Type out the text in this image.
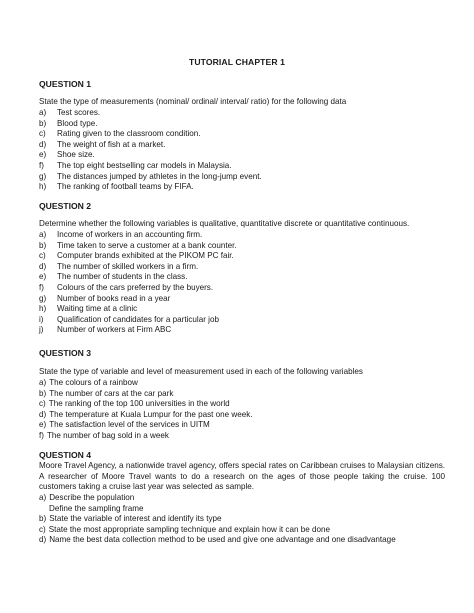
TUTORIAL CHAPTER 1
QUESTION 1
State the type of measurements (nominal/ ordinal/ interval/ ratio) for the following data
a)	Test scores.
b)	Blood type.
c)	Rating given to the classroom condition.
d)	The weight of fish at a market.
e)	Shoe size.
f)	The top eight bestselling car models in Malaysia.
g)	The distances jumped by athletes in the long-jump event.
h)	The ranking of football teams by FIFA.
QUESTION 2
Determine whether the following variables is qualitative, quantitative discrete or quantitative continuous.
a)	Income of workers in an accounting firm.
b)	Time taken to serve a customer at a bank counter.
c)	Computer brands exhibited at the PIKOM PC fair.
d)	The number of skilled workers in a firm.
e)	The number of students in the class.
f)	Colours of the cars preferred by the buyers.
g)	Number of books read in a year
h)	Waiting time at a clinic
i)	Qualification of candidates for a particular job
j)	Number of workers at Firm ABC
QUESTION 3
State the type of variable and level of measurement used in each of the following variables
a) The colours of a rainbow
b) The number of cars at the car park
c) The ranking of the top 100 universities in the world
d) The temperature at Kuala Lumpur for the past one week.
e) The satisfaction level of the services in UITM
f) The number of bag sold in a week
QUESTION 4
Moore Travel Agency, a nationwide travel agency, offers special rates on Caribbean cruises to Malaysian citizens. A researcher of Moore Travel wants to do a research on the ages of those people taking the cruise. 100 customers taking a cruise last year was selected as sample.
a) Describe the population
Define the sampling frame
b) State the variable of interest and identify its type
c) State the most appropriate sampling technique and explain how it can be done
d) Name the best data collection method to be used and give one advantage and one disadvantage
